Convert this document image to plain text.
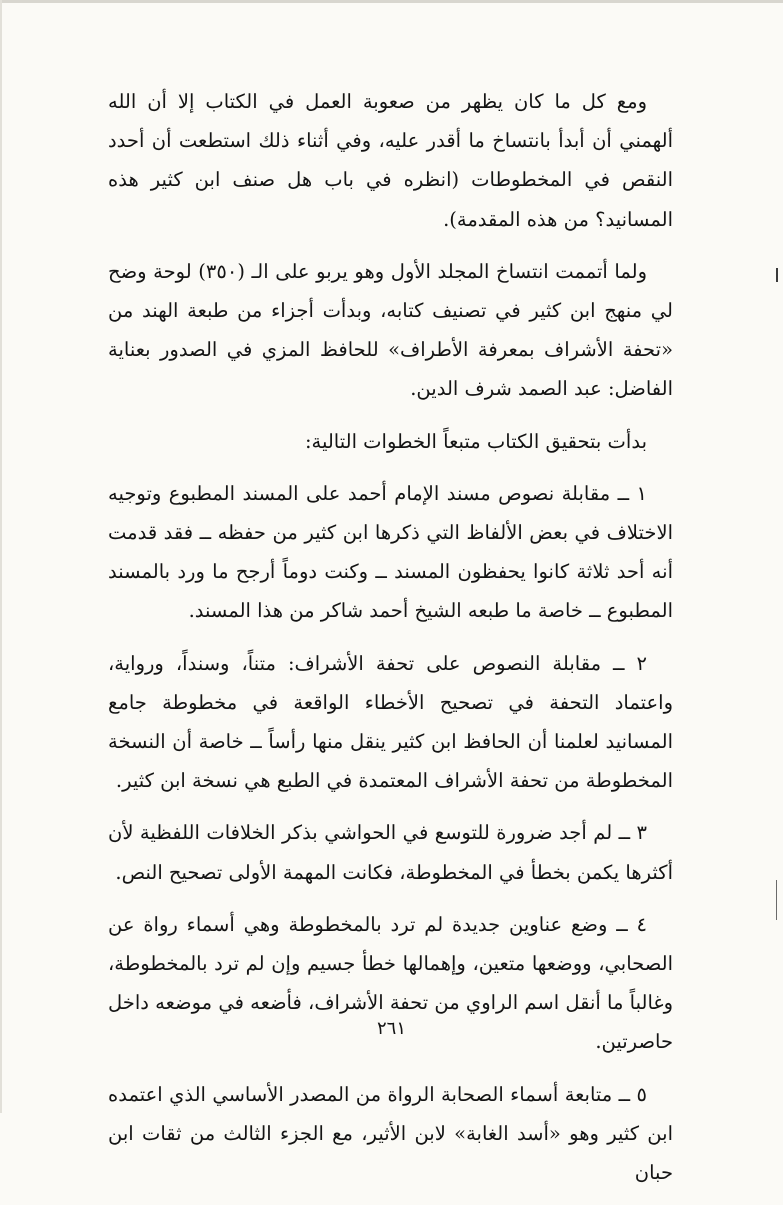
ومع كل ما كان يظهر من صعوبة العمل في الكتاب إلا أن الله ألهمني أن أبدأ بانتساخ ما أقدر عليه، وفي أثناء ذلك استطعت أن أحدد النقص في المخطوطات (انظره في باب هل صنف ابن كثير هذه المسانيد؟ من هذه المقدمة).

ولما أتممت انتساخ المجلد الأول وهو يربو على الـ (٣٥٠) لوحة وضح لي منهج ابن كثير في تصنيف كتابه، وبدأت أجزاء من طبعة الهند من «تحفة الأشراف بمعرفة الأطراف» للحافظ المزي في الصدور بعناية الفاضل: عبد الصمد شرف الدين.

بدأت بتحقيق الكتاب متبعاً الخطوات التالية:

١ ــ مقابلة نصوص مسند الإمام أحمد على المسند المطبوع وتوجيه الاختلاف في بعض الألفاظ التي ذكرها ابن كثير من حفظه ــ فقد قدمت أنه أحد ثلاثة كانوا يحفظون المسند ــ وكنت دوماً أرجح ما ورد بالمسند المطبوع ــ خاصة ما طبعه الشيخ أحمد شاكر من هذا المسند.

٢ ــ مقابلة النصوص على تحفة الأشراف: متناً، وسنداً، ورواية، واعتماد التحفة في تصحيح الأخطاء الواقعة في مخطوطة جامع المسانيد لعلمنا أن الحافظ ابن كثير ينقل منها رأساً ــ خاصة أن النسخة المخطوطة من تحفة الأشراف المعتمدة في الطبع هي نسخة ابن كثير.

٣ ــ لم أجد ضرورة للتوسع في الحواشي بذكر الخلافات اللفظية لأن أكثرها يكمن بخطأ في المخطوطة، فكانت المهمة الأولى تصحيح النص.

٤ ــ وضع عناوين جديدة لم ترد بالمخطوطة وهي أسماء رواة عن الصحابي، ووضعها متعين، وإهمالها خطأ جسيم وإن لم ترد بالمخطوطة، وغالباً ما أنقل اسم الراوي من تحفة الأشراف، فأضعه في موضعه داخل حاصرتين.

٥ ــ متابعة أسماء الصحابة الرواة من المصدر الأساسي الذي اعتمده ابن كثير وهو «أسد الغابة» لابن الأثير، مع الجزء الثالث من ثقات ابن حبان

٢٦١
